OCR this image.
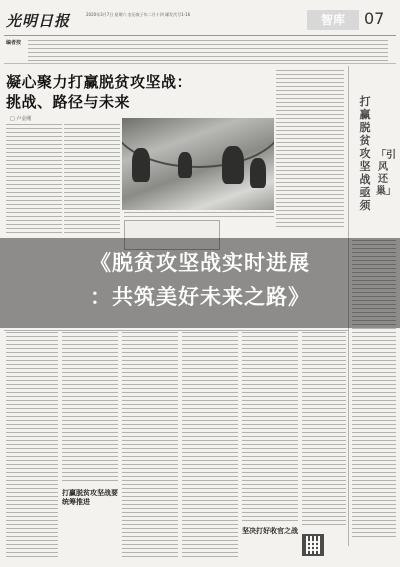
光明日报	2020年3月7日 星期六 农历庚子年二月十四 邮发代号1-16	智库	07
编者按
凝心聚力打赢脱贫攻坚战：
挑战、路径与未来
□ 卢金刚
打赢脱贫攻坚战亟须
「引风还巢」
打赢脱贫攻坚战要统筹推进
坚决打好收官之战
《脱贫攻坚战实时进展
：共筑美好未来之路》
